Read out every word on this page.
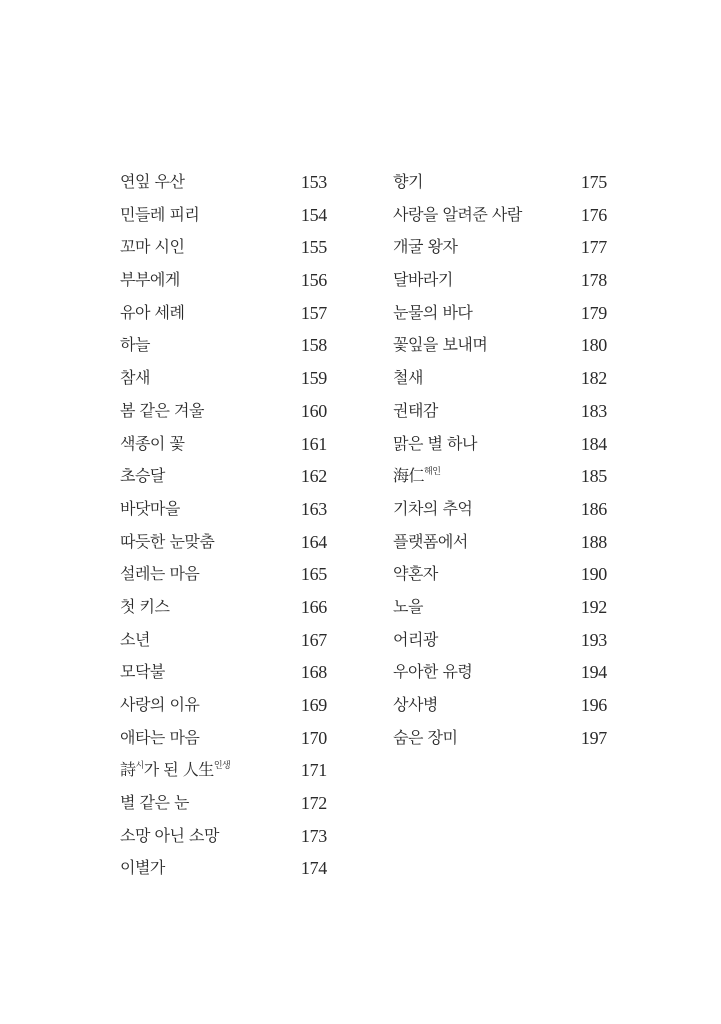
연잎 우산	153
민들레 피리	154
꼬마 시인	155
부부에게	156
유아 세례	157
하늘	158
참새	159
봄 같은 겨울	160
색종이 꽃	161
초승달	162
바닷마을	163
따듯한 눈맞춤	164
설레는 마음	165
첫 키스	166
소년	167
모닥불	168
사랑의 이유	169
애타는 마음	170
詩$^시$가 된 人生$^{인생}$	171
별 같은 눈	172
소망 아닌 소망	173
이별가	174
향기	175
사랑을 알려준 사람	176
개굴 왕자	177
달바라기	178
눈물의 바다	179
꽃잎을 보내며	180
철새	182
권태감	183
맑은 별 하나	184
海仁$^{해인}$	185
기차의 추억	186
플랫폼에서	188
약혼자	190
노을	192
어리광	193
우아한 유령	194
상사병	196
숨은 장미	197
